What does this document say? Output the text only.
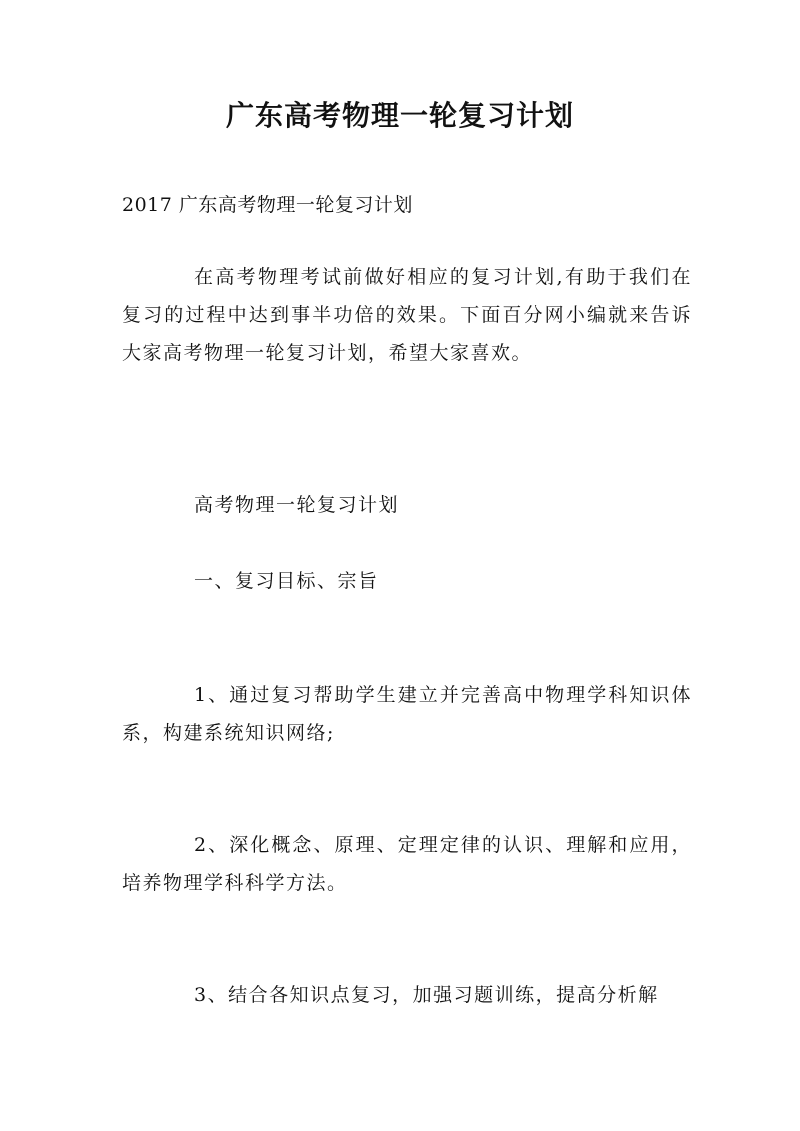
广东高考物理一轮复习计划

2017 广东高考物理一轮复习计划

在高考物理考试前做好相应的复习计划,有助于我们在复习的过程中达到事半功倍的效果。下面百分网小编就来告诉大家高考物理一轮复习计划，希望大家喜欢。

高考物理一轮复习计划

一、复习目标、宗旨

1、通过复习帮助学生建立并完善高中物理学科知识体系，构建系统知识网络;

2、深化概念、原理、定理定律的认识、理解和应用，培养物理学科科学方法。

3、结合各知识点复习，加强习题训练，提高分析解
